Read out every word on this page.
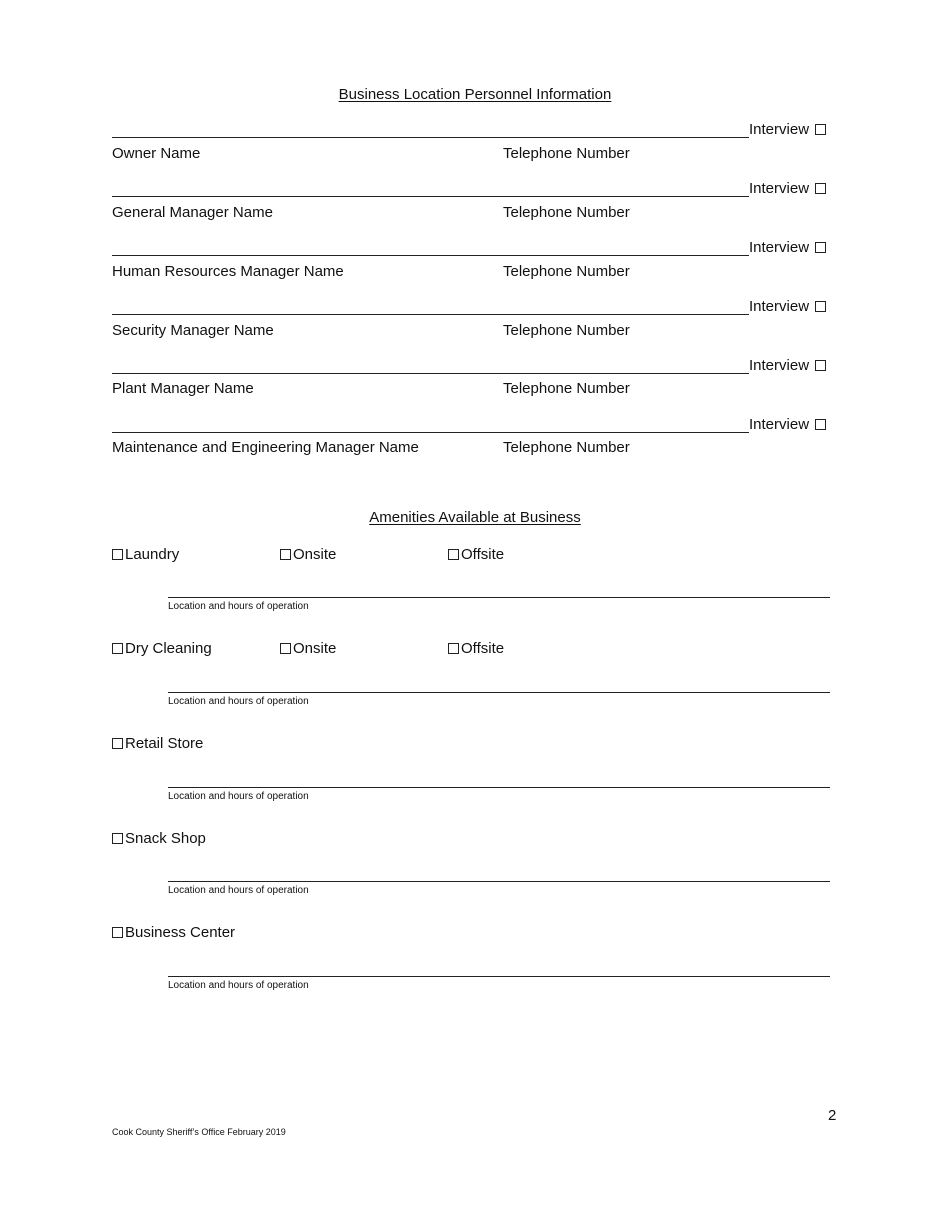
Business Location Personnel Information
Interview
Owner Name	Telephone Number
Interview
General Manager Name	Telephone Number
Interview
Human Resources Manager Name	Telephone Number
Interview
Security Manager Name	Telephone Number
Interview
Plant Manager Name	Telephone Number
Interview
Maintenance and Engineering Manager Name	Telephone Number
Amenities Available at Business
Laundry	Onsite	Offsite
Location and hours of operation
Dry Cleaning	Onsite	Offsite
Location and hours of operation
Retail Store
Location and hours of operation
Snack Shop
Location and hours of operation
Business Center
Location and hours of operation
2
Cook County Sheriff’s Office February 2019
